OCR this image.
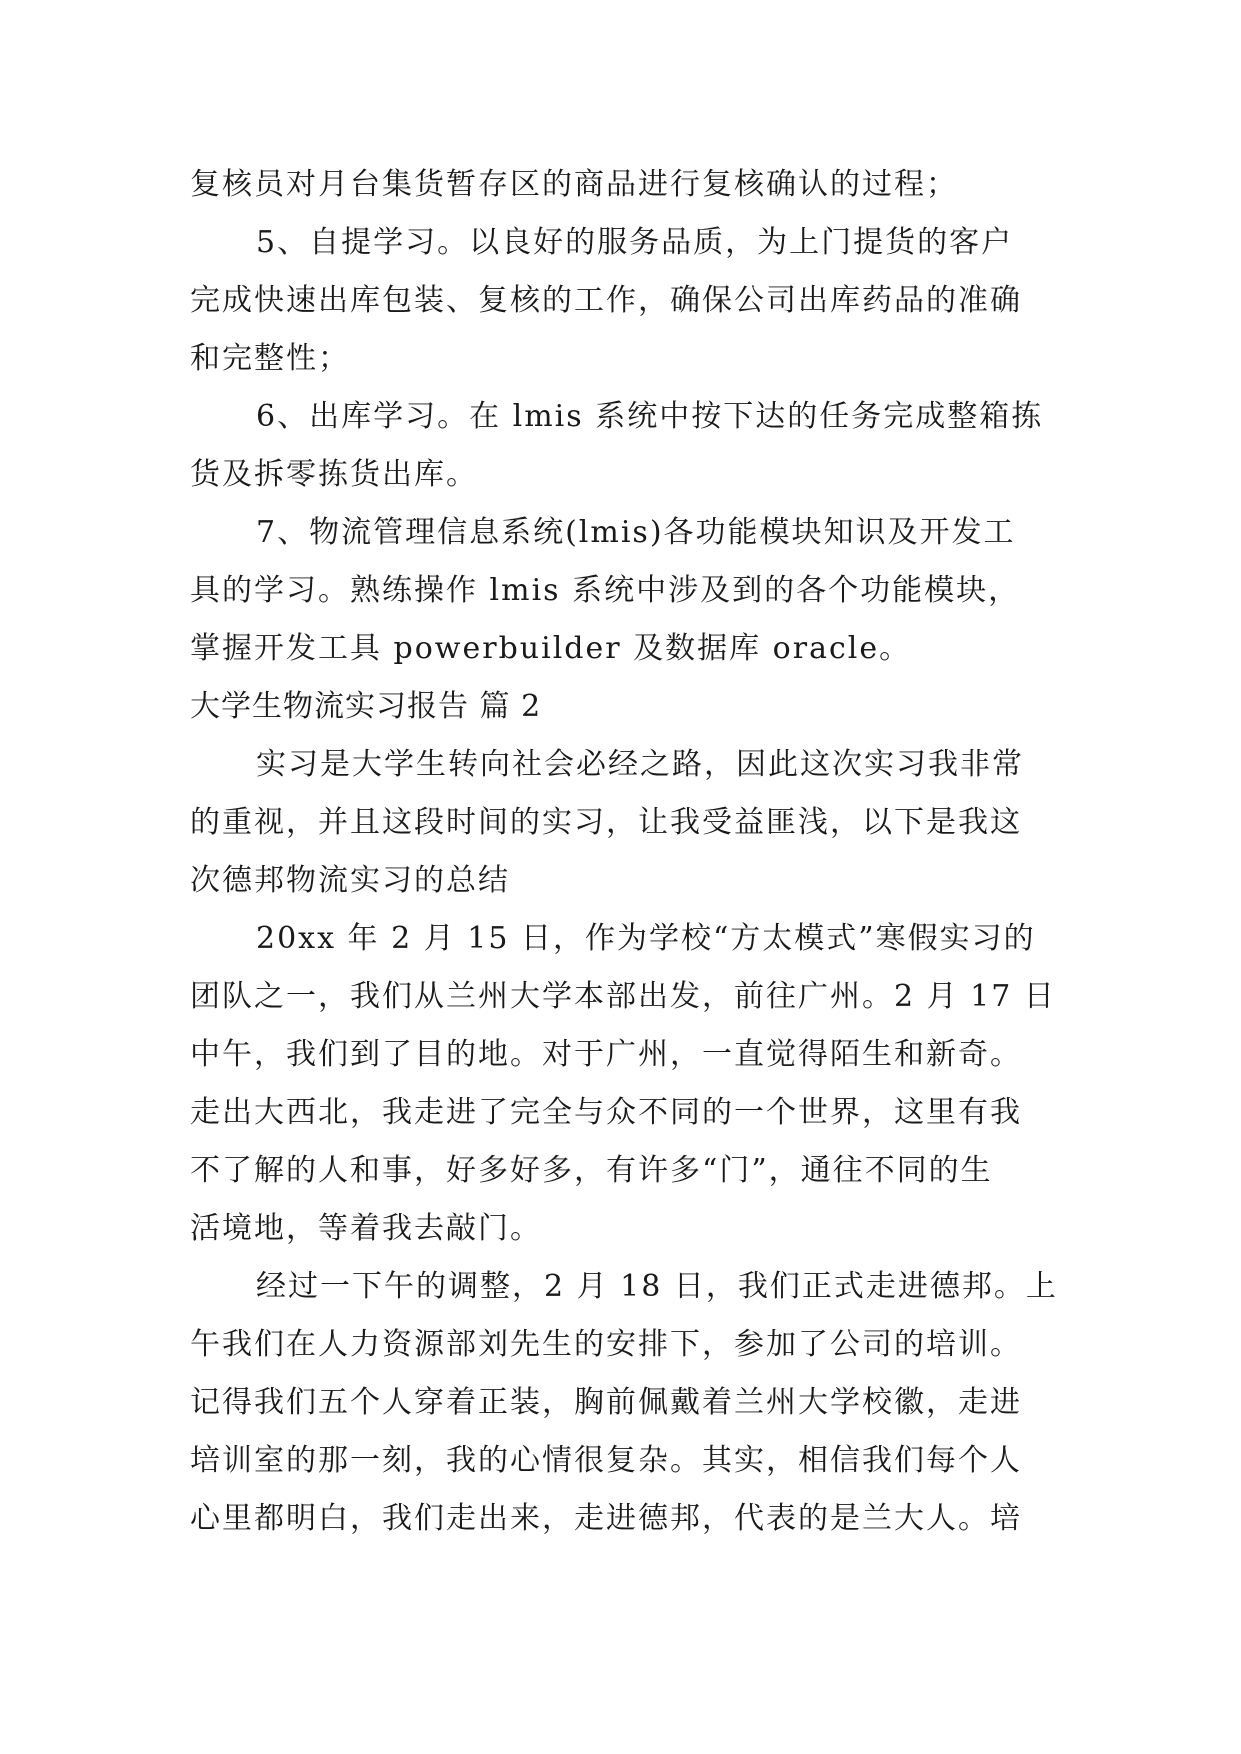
复核员对月台集货暂存区的商品进行复核确认的过程；
5、自提学习。以良好的服务品质，为上门提货的客户
完成快速出库包装、复核的工作，确保公司出库药品的准确
和完整性；
6、出库学习。在 lmis 系统中按下达的任务完成整箱拣
货及拆零拣货出库。
7、物流管理信息系统(lmis)各功能模块知识及开发工
具的学习。熟练操作 lmis 系统中涉及到的各个功能模块，
掌握开发工具 powerbuilder 及数据库 oracle。
大学生物流实习报告 篇 2
实习是大学生转向社会必经之路，因此这次实习我非常
的重视，并且这段时间的实习，让我受益匪浅，以下是我这
次德邦物流实习的总结
20xx 年 2 月 15 日，作为学校“方太模式”寒假实习的
团队之一，我们从兰州大学本部出发，前往广州。2 月 17 日
中午，我们到了目的地。对于广州，一直觉得陌生和新奇。
走出大西北，我走进了完全与众不同的一个世界，这里有我
不了解的人和事，好多好多，有许多“门”，通往不同的生
活境地，等着我去敲门。
经过一下午的调整，2 月 18 日，我们正式走进德邦。上
午我们在人力资源部刘先生的安排下，参加了公司的培训。
记得我们五个人穿着正装，胸前佩戴着兰州大学校徽，走进
培训室的那一刻，我的心情很复杂。其实，相信我们每个人
心里都明白，我们走出来，走进德邦，代表的是兰大人。培
